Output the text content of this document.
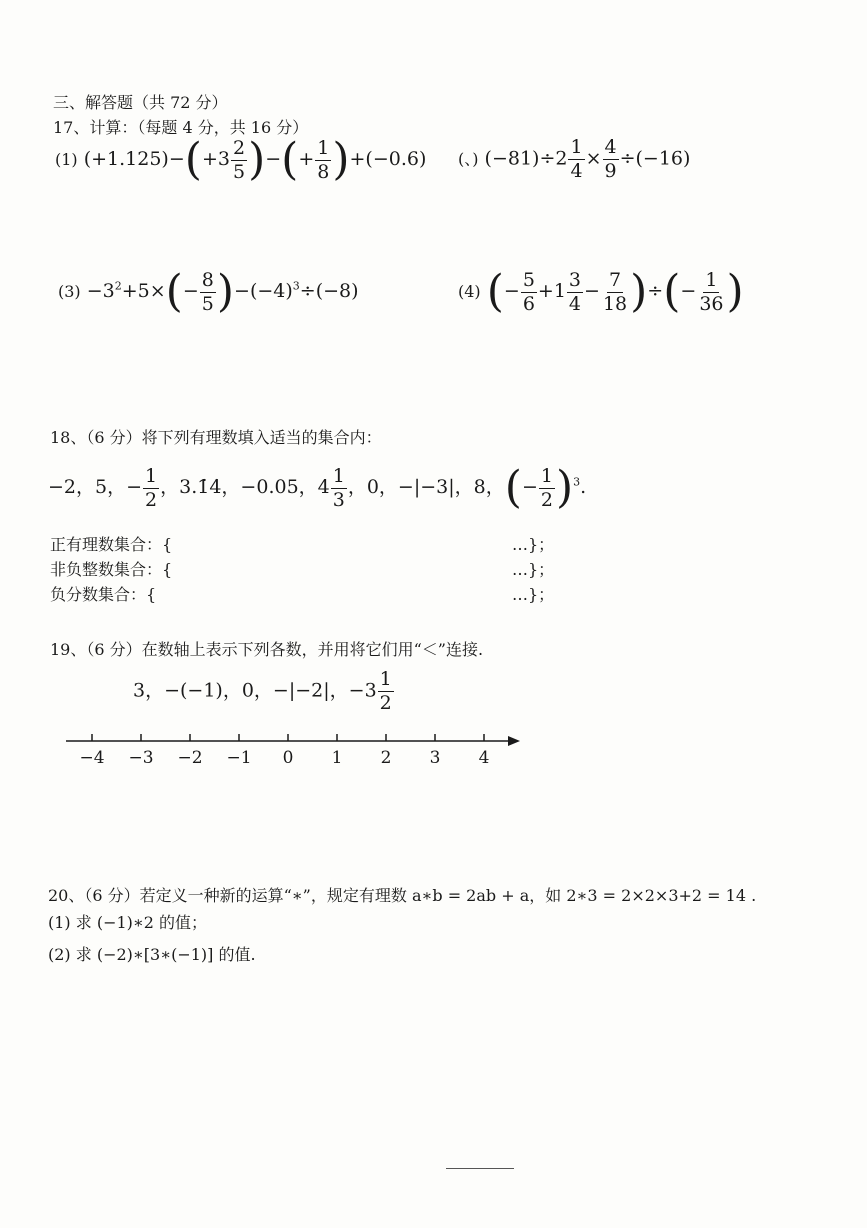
三、解答题（共 72 分）
17、计算：（每题 4 分，共 16 分）
(1) $(+1.125)-(+3 \frac{2}{5}$ )−(+ $\frac{1}{8} )+(-0.6)$ (、) $(-81)\div 2 \frac{1}{4} \times \frac{4}{9} \div(-16)$
$(3) -3^2+5\times(- \frac{8}{5} )-(-4)^3\div(-8)$	(4) (− $\frac{5}{6} +1 \frac{3}{4} - \frac{7}{18}$ )÷(− $\frac{1}{36}$ )
18、（6 分）将下列有理数填入适当的集合内：
−2，5，− $\frac{1}{2}$ ，3.1̇4̇，−0.05，$4 \frac{1}{3}$ ，0，−|−3|，8，(− $\frac{1}{2} )^3$.
正有理数集合：{	…}；
非负整数集合：{	…}；
负分数集合：{	…}；
19、（6 分）在数轴上表示下列各数，并用将它们用“＜”连接.
3，−(−1)，0，−|−2|，$-3 \frac{1}{2}$
−4 −3 −2 −1 0 1 2 3 4
20、（6 分）若定义一种新的运算“∗”，规定有理数 a∗b = 2ab + a，如 2∗3 = 2×2×3+2 = 14 .
(1) 求 (−1)∗2 的值；
(2) 求 (−2)∗[3∗(−1)] 的值.
